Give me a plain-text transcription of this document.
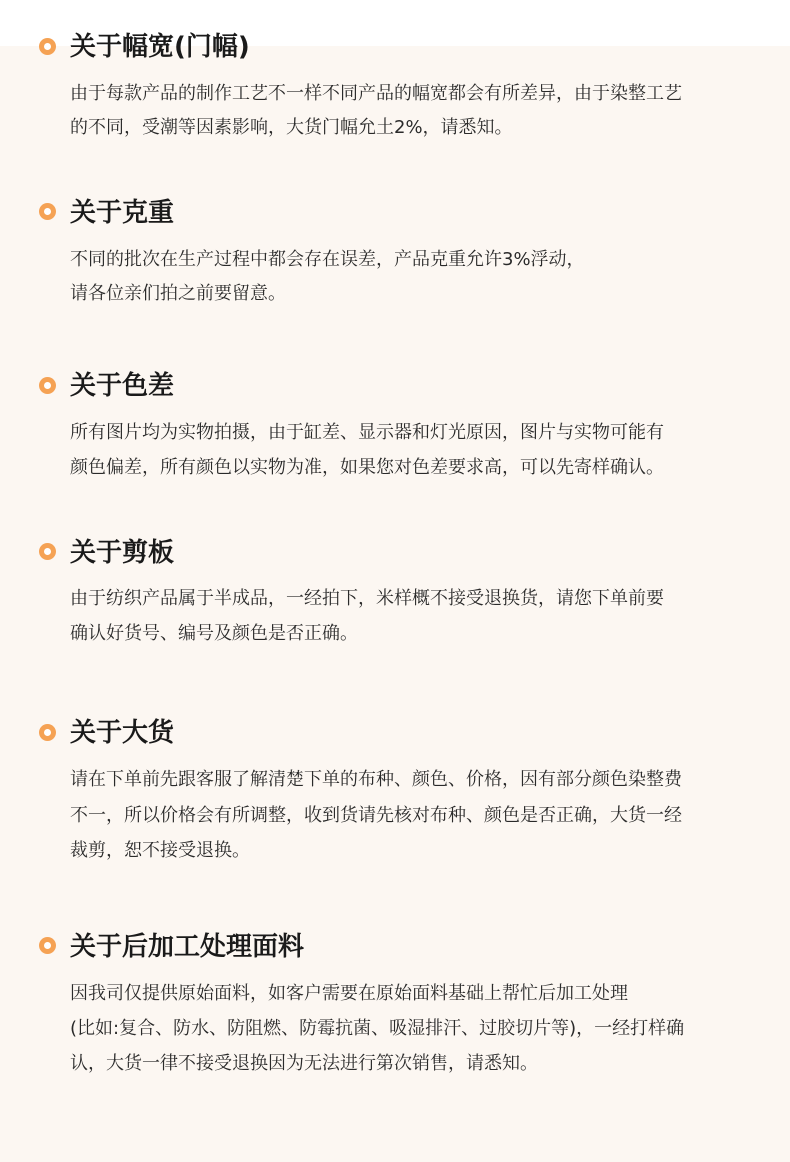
关于幅宽(门幅)

由于每款产品的制作工艺不一样不同产品的幅宽都会有所差异，由于染整工艺

的不同，受潮等因素影响，大货门幅允土2%，请悉知。

关于克重

不同的批次在生产过程中都会存在误差，产品克重允许3%浮动，

请各位亲们拍之前要留意。

关于色差

所有图片均为实物拍摄，由于缸差、显示器和灯光原因，图片与实物可能有

颜色偏差，所有颜色以实物为准，如果您对色差要求高，可以先寄样确认。

关于剪板

由于纺织产品属于半成品，一经拍下，米样概不接受退换货，请您下单前要

确认好货号、编号及颜色是否正确。

关于大货

请在下单前先跟客服了解清楚下单的布种、颜色、价格，因有部分颜色染整费

不一，所以价格会有所调整，收到货请先核对布种、颜色是否正确，大货一经

裁剪，恕不接受退换。

关于后加工处理面料

因我司仅提供原始面料，如客户需要在原始面料基础上帮忙后加工处理

(比如:复合、防水、防阻燃、防霉抗菌、吸湿排汗、过胶切片等)，一经打样确

认，大货一律不接受退换因为无法进行第次销售，请悉知。
